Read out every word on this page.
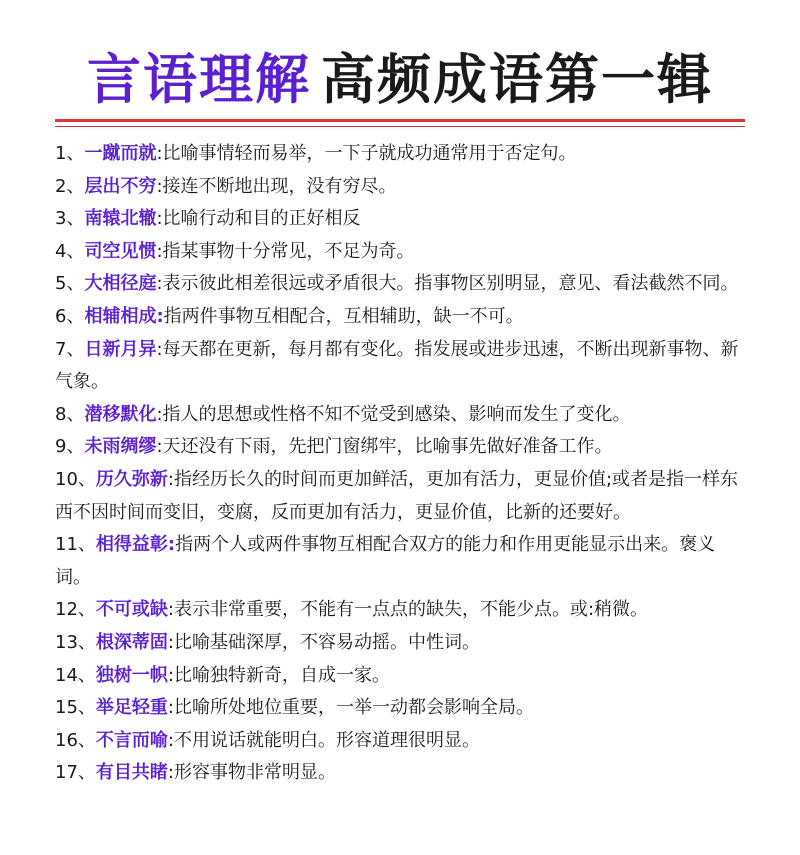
言语理解 高频成语第一辑

1、一蹴而就:比喻事情轻而易举，一下子就成功通常用于否定句。

2、层出不穷:接连不断地出现，没有穷尽。

3、南辕北辙:比喻行动和目的正好相反

4、司空见惯:指某事物十分常见，不足为奇。

5、大相径庭:表示彼此相差很远或矛盾很大。指事物区别明显，意见、看法截然不同。

6、相辅相成:指两件事物互相配合，互相辅助，缺一不可。

7、日新月异:每天都在更新，每月都有变化。指发展或进步迅速，不断出现新事物、新气象。

8、潜移默化:指人的思想或性格不知不觉受到感染、影响而发生了变化。

9、未雨绸缪:天还没有下雨，先把门窗绑牢，比喻事先做好准备工作。

10、历久弥新:指经历长久的时间而更加鲜活，更加有活力，更显价值;或者是指一样东西不因时间而变旧，变腐，反而更加有活力，更显价值，比新的还要好。

11、相得益彰:指两个人或两件事物互相配合双方的能力和作用更能显示出来。褒义词。

12、不可或缺:表示非常重要，不能有一点点的缺失，不能少点。或:稍微。

13、根深蒂固:比喻基础深厚，不容易动摇。中性词。

14、独树一帜:比喻独特新奇，自成一家。

15、举足轻重:比喻所处地位重要，一举一动都会影响全局。

16、不言而喻:不用说话就能明白。形容道理很明显。

17、有目共睹:形容事物非常明显。
